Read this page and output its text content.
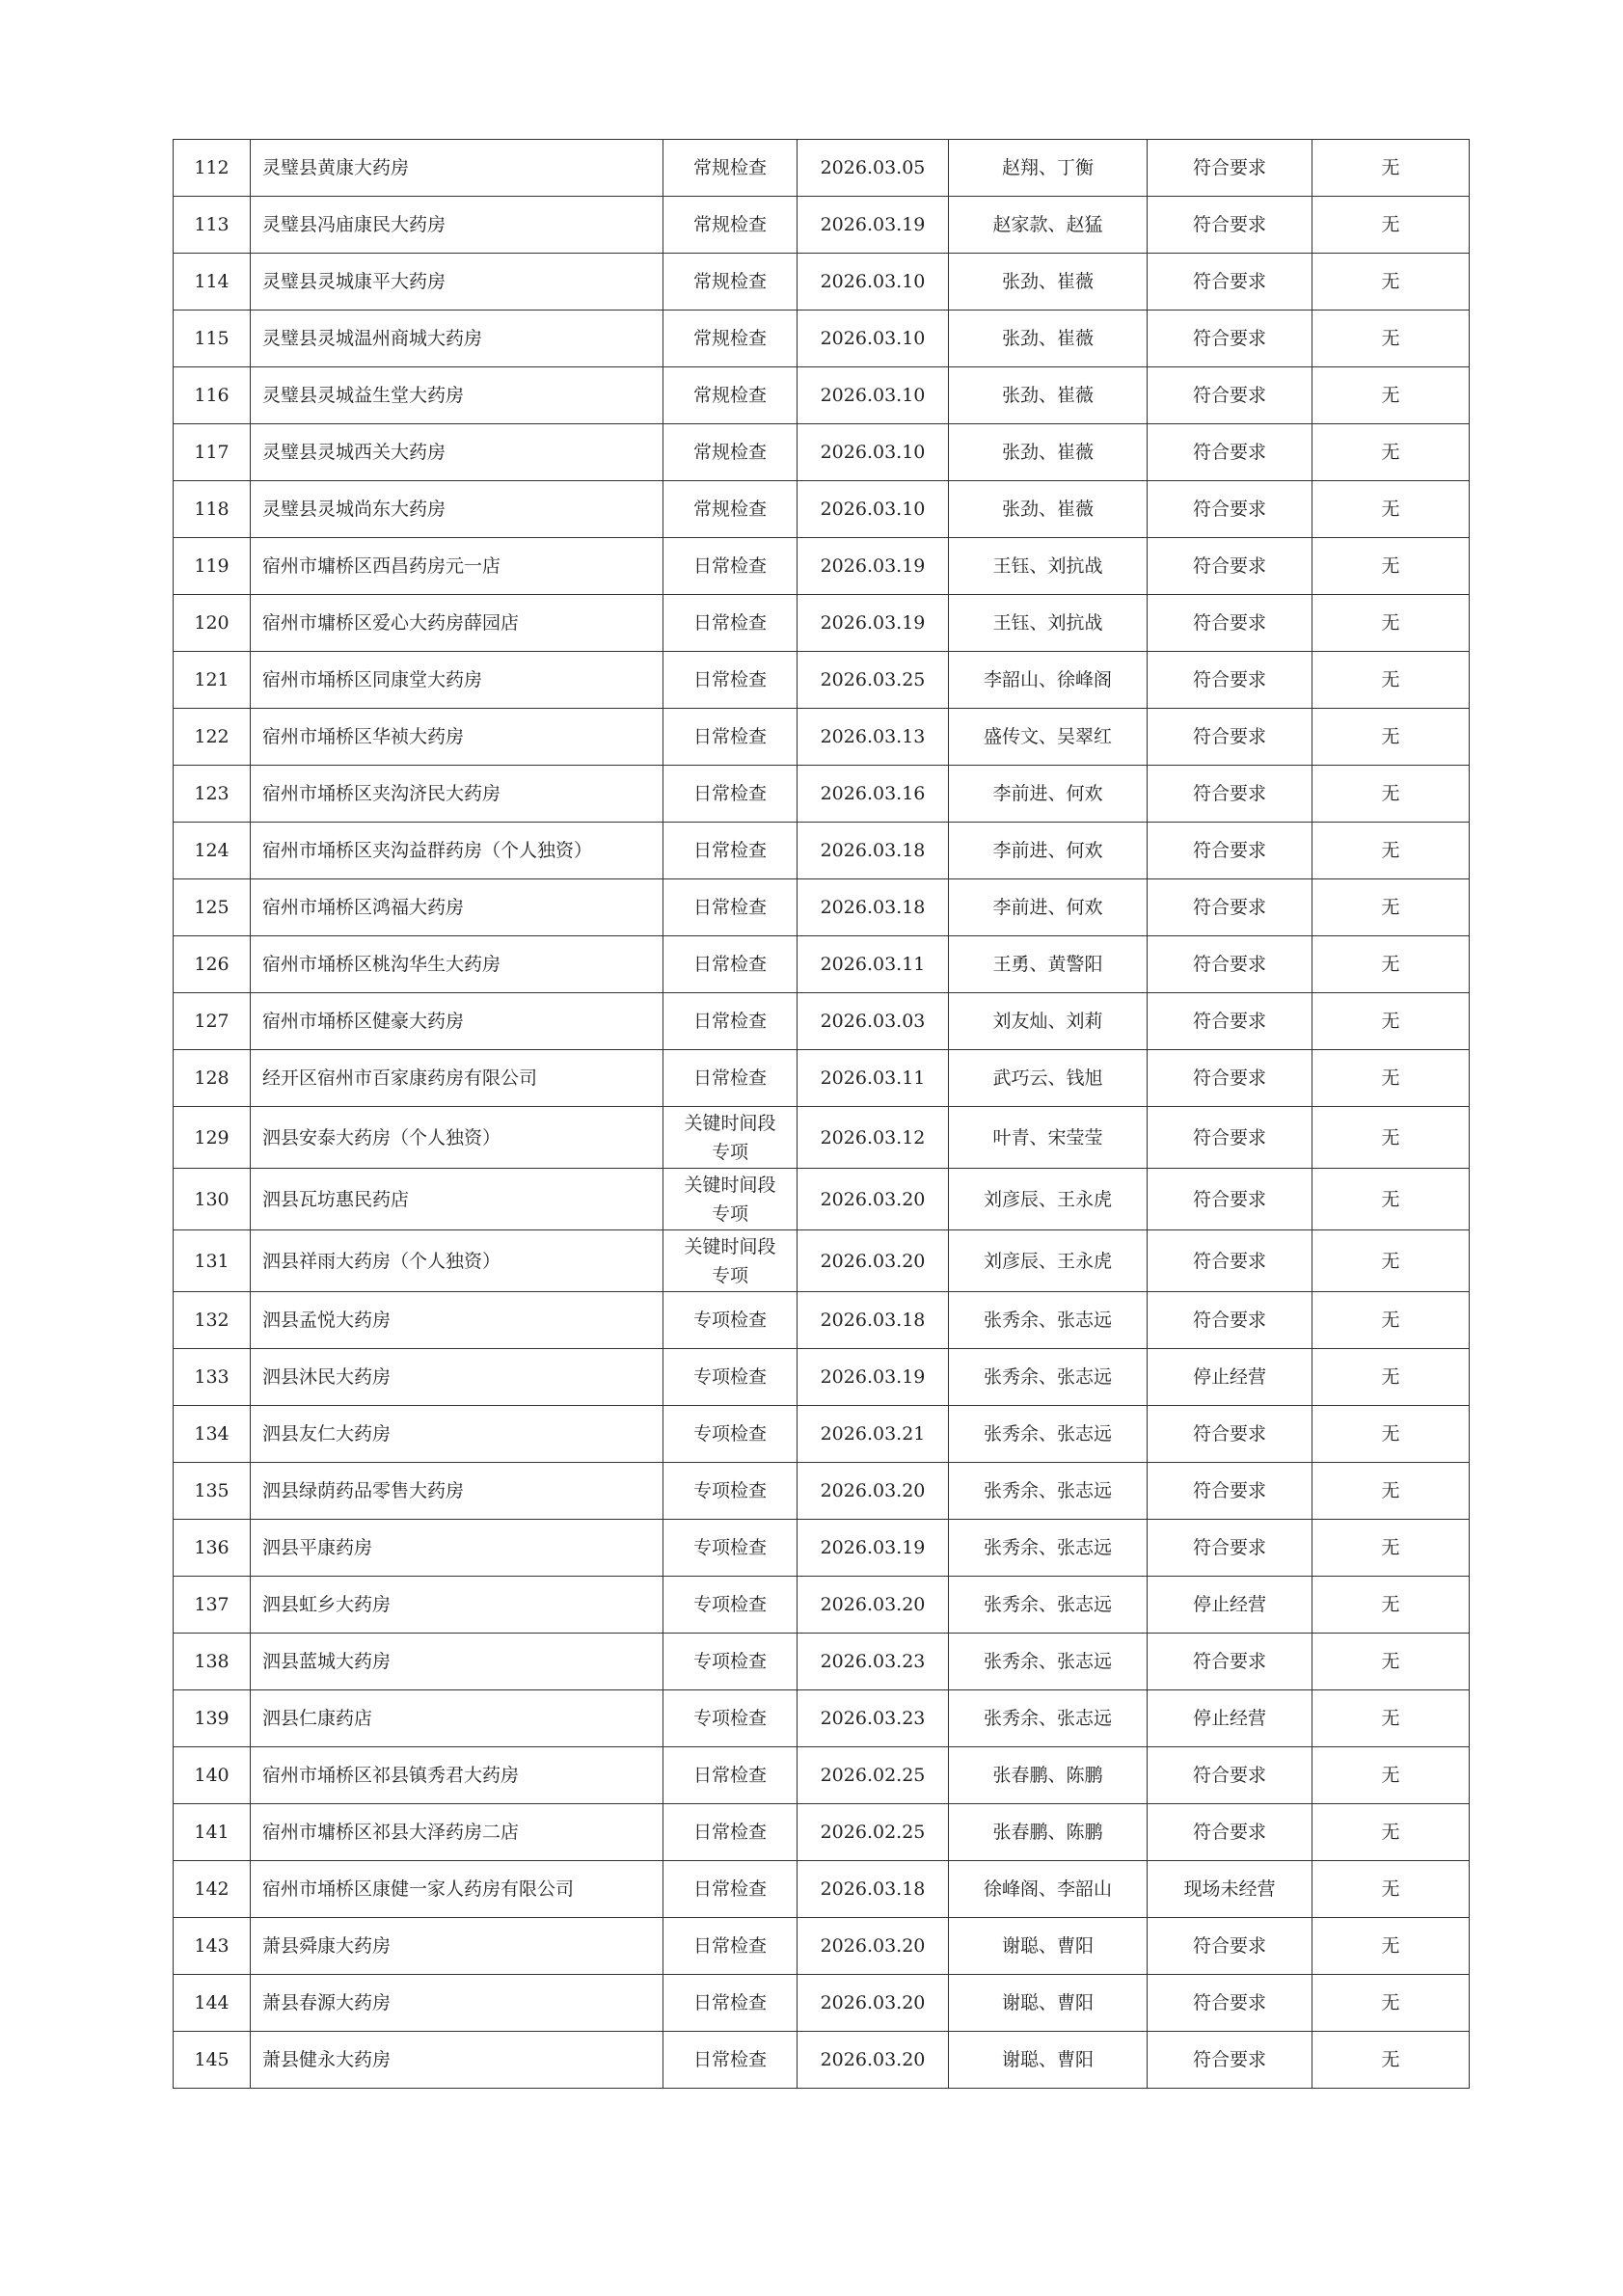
112	灵璧县黄康大药房	常规检查	2026.03.05	赵翔、丁衡	符合要求	无
113	灵璧县冯庙康民大药房	常规检查	2026.03.19	赵家款、赵猛	符合要求	无
114	灵璧县灵城康平大药房	常规检查	2026.03.10	张劲、崔薇	符合要求	无
115	灵璧县灵城温州商城大药房	常规检查	2026.03.10	张劲、崔薇	符合要求	无
116	灵璧县灵城益生堂大药房	常规检查	2026.03.10	张劲、崔薇	符合要求	无
117	灵璧县灵城西关大药房	常规检查	2026.03.10	张劲、崔薇	符合要求	无
118	灵璧县灵城尚东大药房	常规检查	2026.03.10	张劲、崔薇	符合要求	无
119	宿州市墉桥区西昌药房元一店	日常检查	2026.03.19	王钰、刘抗战	符合要求	无
120	宿州市墉桥区爱心大药房薛园店	日常检查	2026.03.19	王钰、刘抗战	符合要求	无
121	宿州市埇桥区同康堂大药房	日常检查	2026.03.25	李韶山、徐峰阁	符合要求	无
122	宿州市埇桥区华祯大药房	日常检查	2026.03.13	盛传文、吴翠红	符合要求	无
123	宿州市埇桥区夹沟济民大药房	日常检查	2026.03.16	李前进、何欢	符合要求	无
124	宿州市埇桥区夹沟益群药房（个人独资）	日常检查	2026.03.18	李前进、何欢	符合要求	无
125	宿州市埇桥区鸿福大药房	日常检查	2026.03.18	李前进、何欢	符合要求	无
126	宿州市埇桥区桃沟华生大药房	日常检查	2026.03.11	王勇、黄警阳	符合要求	无
127	宿州市埇桥区健豪大药房	日常检查	2026.03.03	刘友灿、刘莉	符合要求	无
128	经开区宿州市百家康药房有限公司	日常检查	2026.03.11	武巧云、钱旭	符合要求	无
129	泗县安泰大药房（个人独资）	关键时间段专项	2026.03.12	叶青、宋莹莹	符合要求	无
130	泗县瓦坊惠民药店	关键时间段专项	2026.03.20	刘彦辰、王永虎	符合要求	无
131	泗县祥雨大药房（个人独资）	关键时间段专项	2026.03.20	刘彦辰、王永虎	符合要求	无
132	泗县孟悦大药房	专项检查	2026.03.18	张秀余、张志远	符合要求	无
133	泗县沐民大药房	专项检查	2026.03.19	张秀余、张志远	停止经营	无
134	泗县友仁大药房	专项检查	2026.03.21	张秀余、张志远	符合要求	无
135	泗县绿荫药品零售大药房	专项检查	2026.03.20	张秀余、张志远	符合要求	无
136	泗县平康药房	专项检查	2026.03.19	张秀余、张志远	符合要求	无
137	泗县虹乡大药房	专项检查	2026.03.20	张秀余、张志远	停止经营	无
138	泗县蓝城大药房	专项检查	2026.03.23	张秀余、张志远	符合要求	无
139	泗县仁康药店	专项检查	2026.03.23	张秀余、张志远	停止经营	无
140	宿州市埇桥区祁县镇秀君大药房	日常检查	2026.02.25	张春鹏、陈鹏	符合要求	无
141	宿州市墉桥区祁县大泽药房二店	日常检查	2026.02.25	张春鹏、陈鹏	符合要求	无
142	宿州市埇桥区康健一家人药房有限公司	日常检查	2026.03.18	徐峰阁、李韶山	现场未经营	无
143	萧县舜康大药房	日常检查	2026.03.20	谢聪、曹阳	符合要求	无
144	萧县春源大药房	日常检查	2026.03.20	谢聪、曹阳	符合要求	无
145	萧县健永大药房	日常检查	2026.03.20	谢聪、曹阳	符合要求	无
